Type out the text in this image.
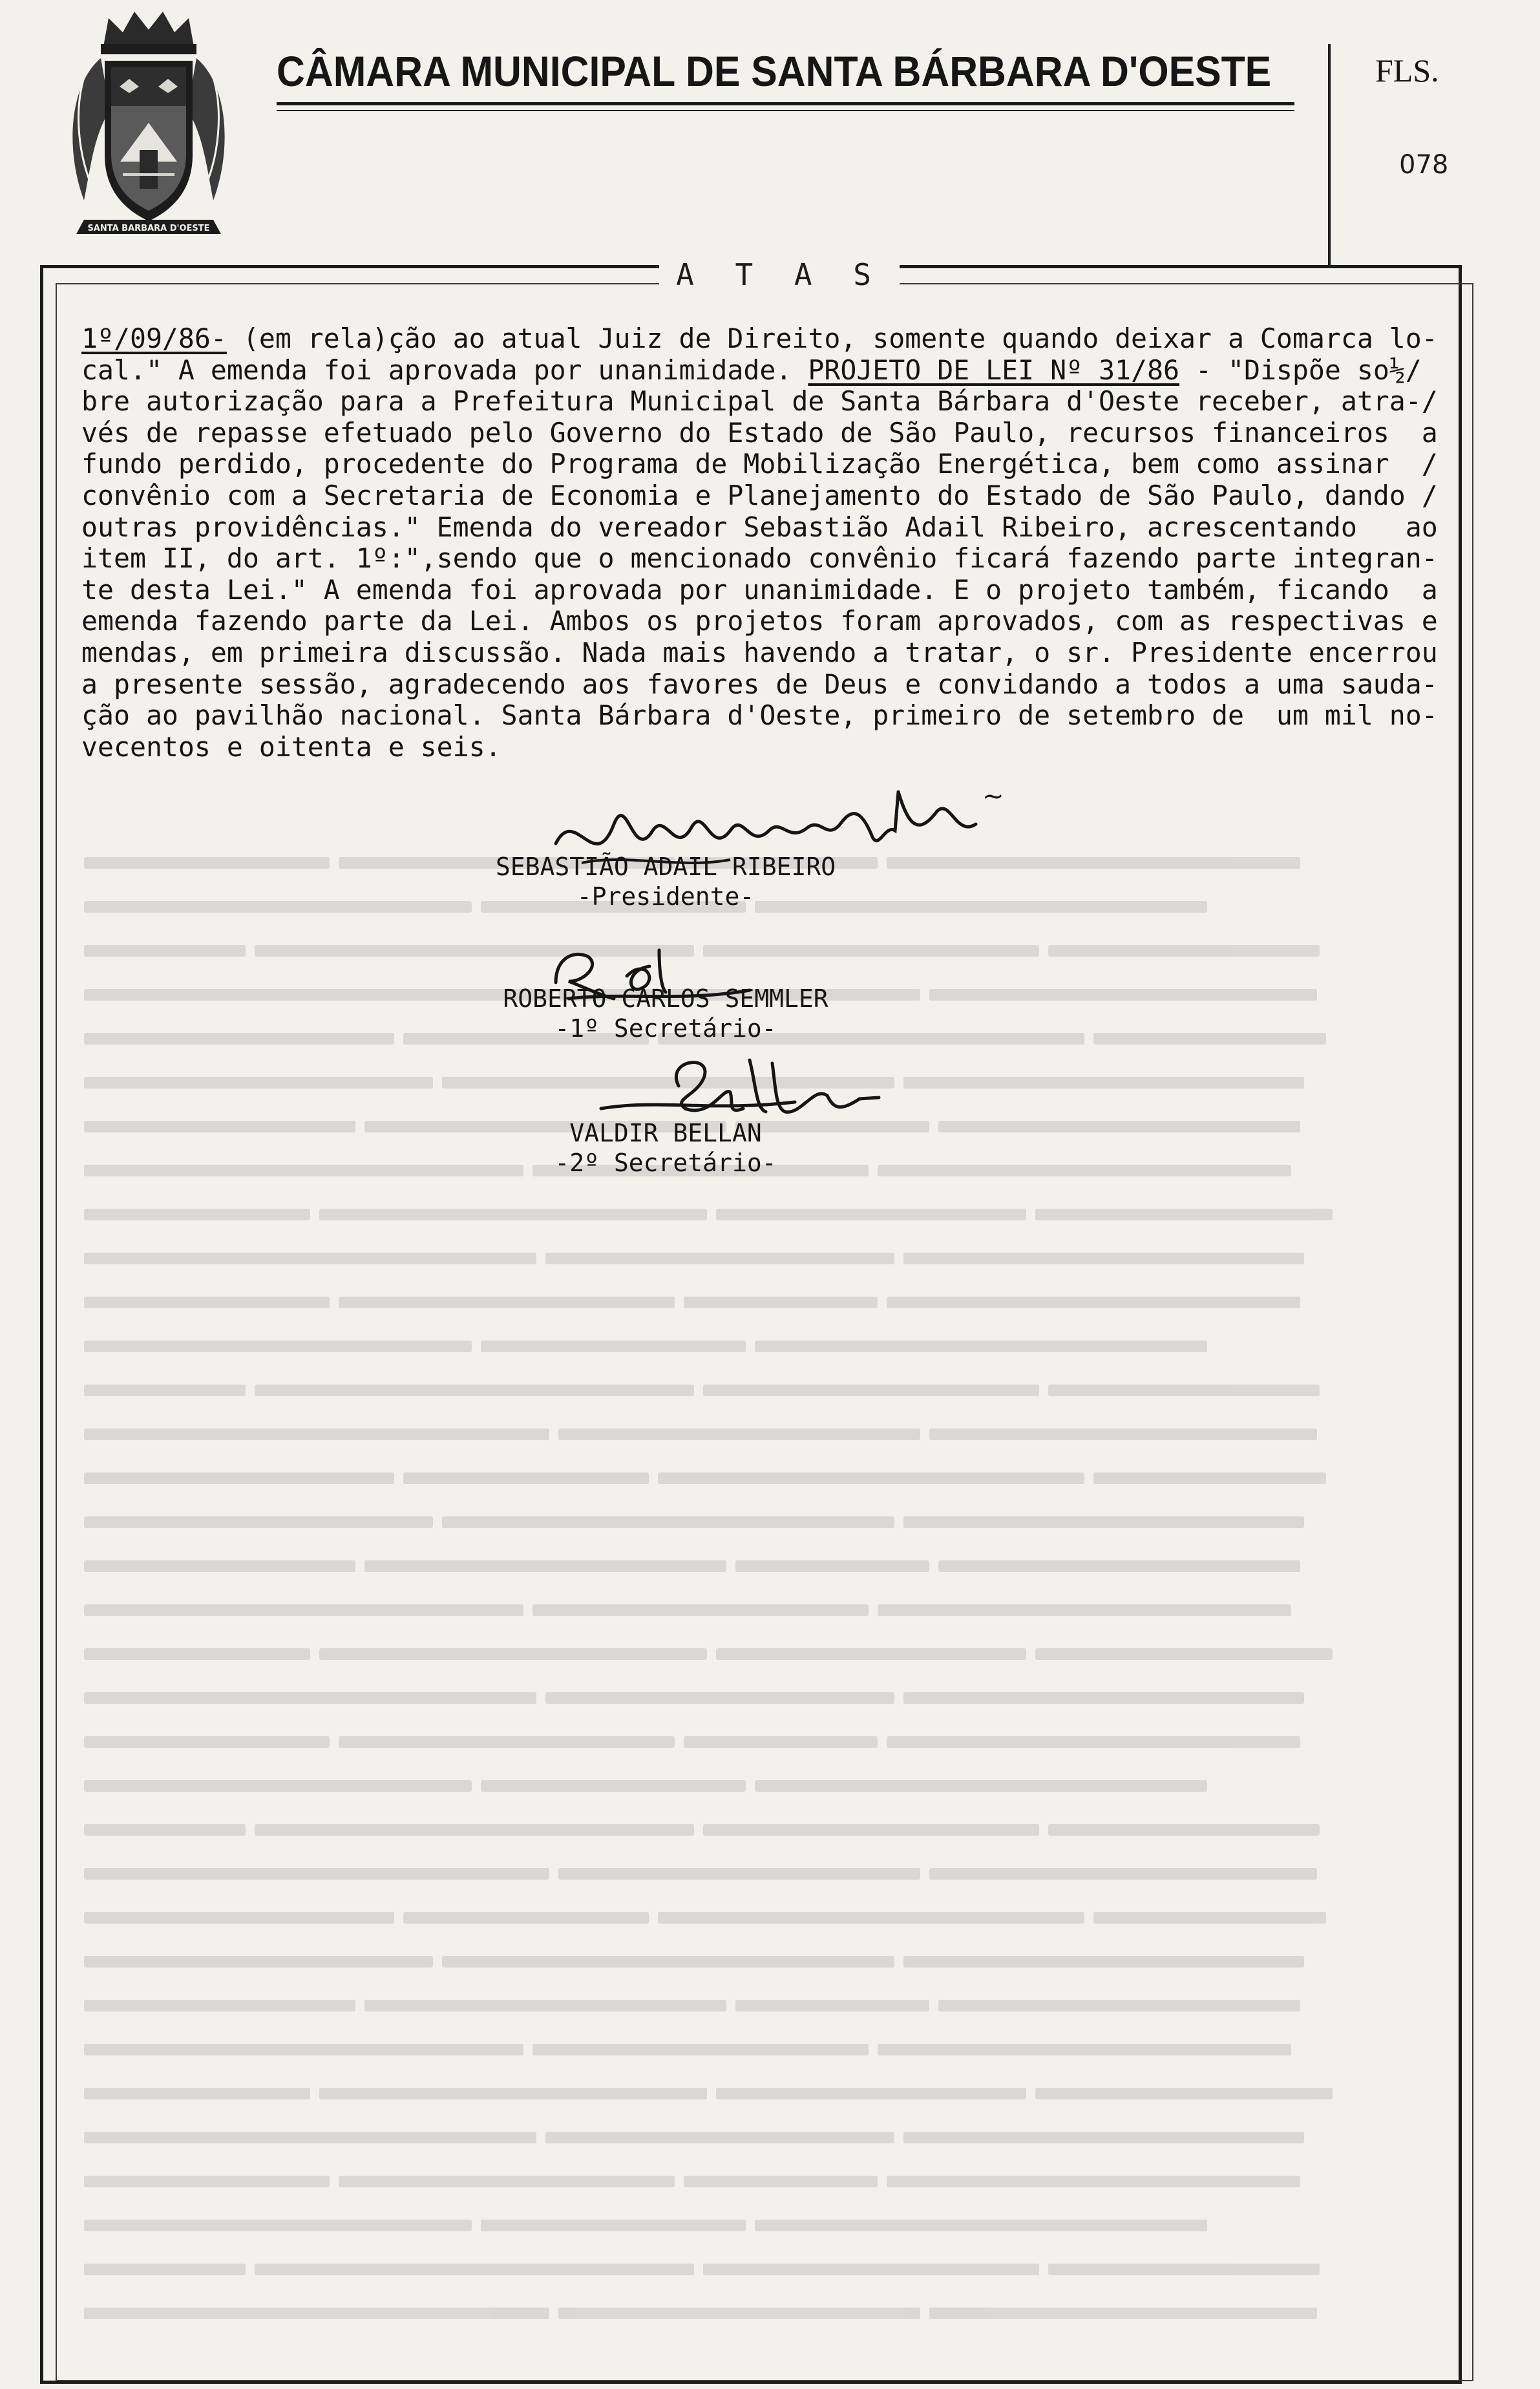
SANTA BARBARA D'OESTE
CÂMARA MUNICIPAL DE SANTA BÁRBARA D'OESTE	FLS.
078
A T A S
1º/09/86- (em rela)ção ao atual Juiz de Direito, somente quando deixar a Comarca lo-
cal." A emenda foi aprovada por unanimidade. PROJETO DE LEI Nº 31/86 - "Dispõe so½/
bre autorização para a Prefeitura Municipal de Santa Bárbara d'Oeste receber, atra-/
vés de repasse efetuado pelo Governo do Estado de São Paulo, recursos financeiros  a
fundo perdido, procedente do Programa de Mobilização Energética, bem como assinar  /
convênio com a Secretaria de Economia e Planejamento do Estado de São Paulo, dando /
outras providências." Emenda do vereador Sebastião Adail Ribeiro, acrescentando   ao
item II, do art. 1º:",sendo que o mencionado convênio ficará fazendo parte integran-
te desta Lei." A emenda foi aprovada por unanimidade. E o projeto também, ficando  a
emenda fazendo parte da Lei. Ambos os projetos foram aprovados, com as respectivas e
mendas, em primeira discussão. Nada mais havendo a tratar, o sr. Presidente encerrou
a presente sessão, agradecendo aos favores de Deus e convidando a todos a uma sauda-
ção ao pavilhão nacional. Santa Bárbara d'Oeste, primeiro de setembro de  um mil no-
vecentos e oitenta e seis.
~
SEBASTIÃO ADAIL RIBEIRO
-Presidente-
ROBERTO CARLOS SEMMLER
-1º Secretário-
VALDIR BELLAN
-2º Secretário-
